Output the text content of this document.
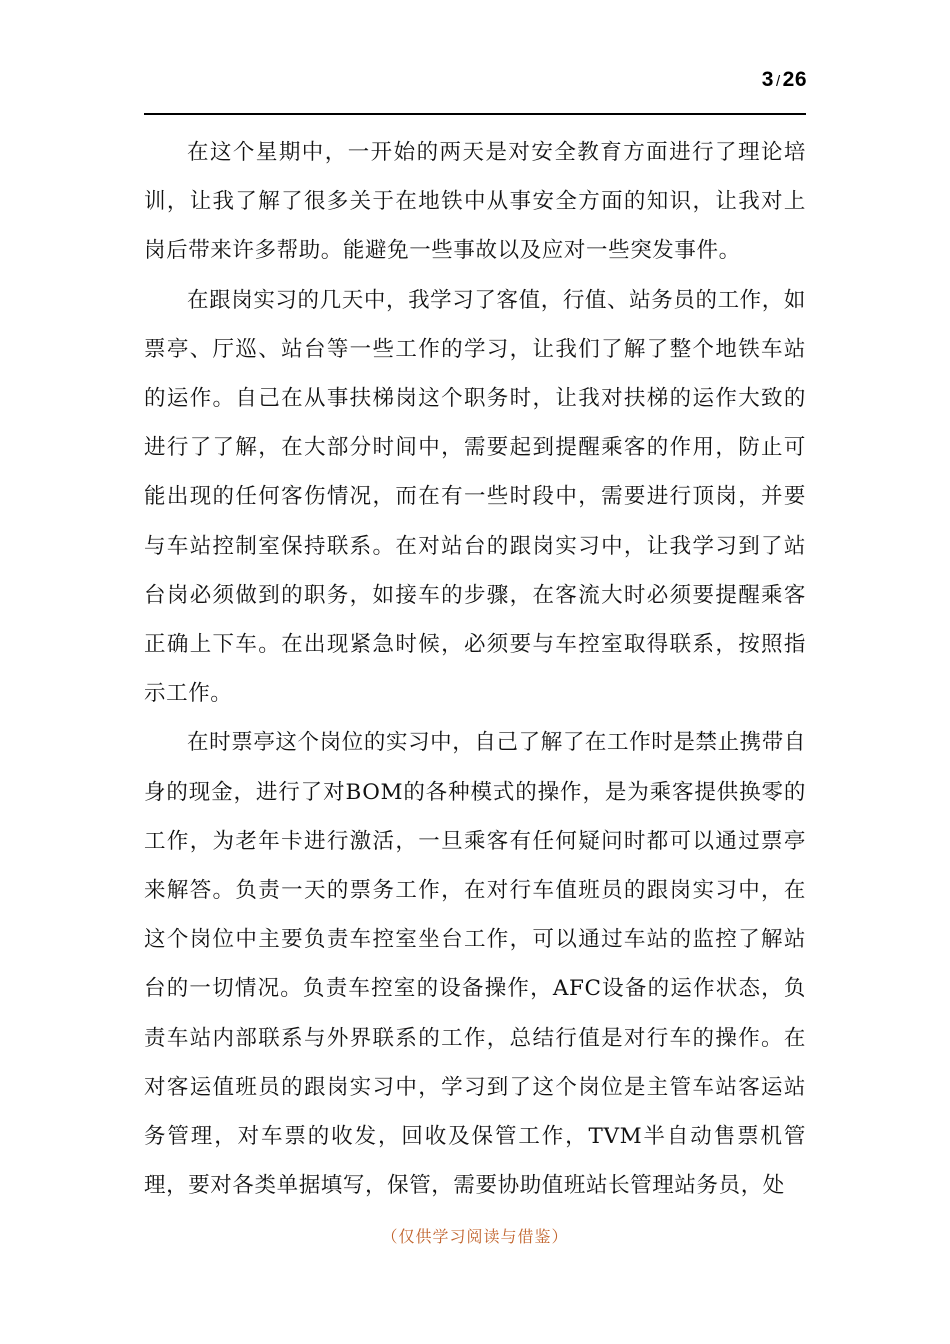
3 /26

在这个星期中，一开始的两天是对安全教育方面进行了理论培训，让我了解了很多关于在地铁中从事安全方面的知识，让我对上岗后带来许多帮助。能避免一些事故以及应对一些突发事件。

在跟岗实习的几天中，我学习了客值，行值、站务员的工作，如票亭、厅巡、站台等一些工作的学习，让我们了解了整个地铁车站的运作。自己在从事扶梯岗这个职务时，让我对扶梯的运作大致的进行了了解，在大部分时间中，需要起到提醒乘客的作用，防止可能出现的任何客伤情况，而在有一些时段中，需要进行顶岗，并要与车站控制室保持联系。在对站台的跟岗实习中，让我学习到了站台岗必须做到的职务，如接车的步骤，在客流大时必须要提醒乘客正确上下车。在出现紧急时候，必须要与车控室取得联系，按照指示工作。

在时票亭这个岗位的实习中，自己了解了在工作时是禁止携带自身的现金，进行了对BOM的各种模式的操作，是为乘客提供换零的工作，为老年卡进行激活，一旦乘客有任何疑问时都可以通过票亭来解答。负责一天的票务工作，在对行车值班员的跟岗实习中，在这个岗位中主要负责车控室坐台工作，可以通过车站的监控了解站台的一切情况。负责车控室的设备操作，AFC设备的运作状态，负责车站内部联系与外界联系的工作，总结行值是对行车的操作。在对客运值班员的跟岗实习中，学习到了这个岗位是主管车站客运站务管理，对车票的收发，回收及保管工作，TVM半自动售票机管理，要对各类单据填写，保管，需要协助值班站长管理站务员，处

（仅供学习阅读与借鉴）
